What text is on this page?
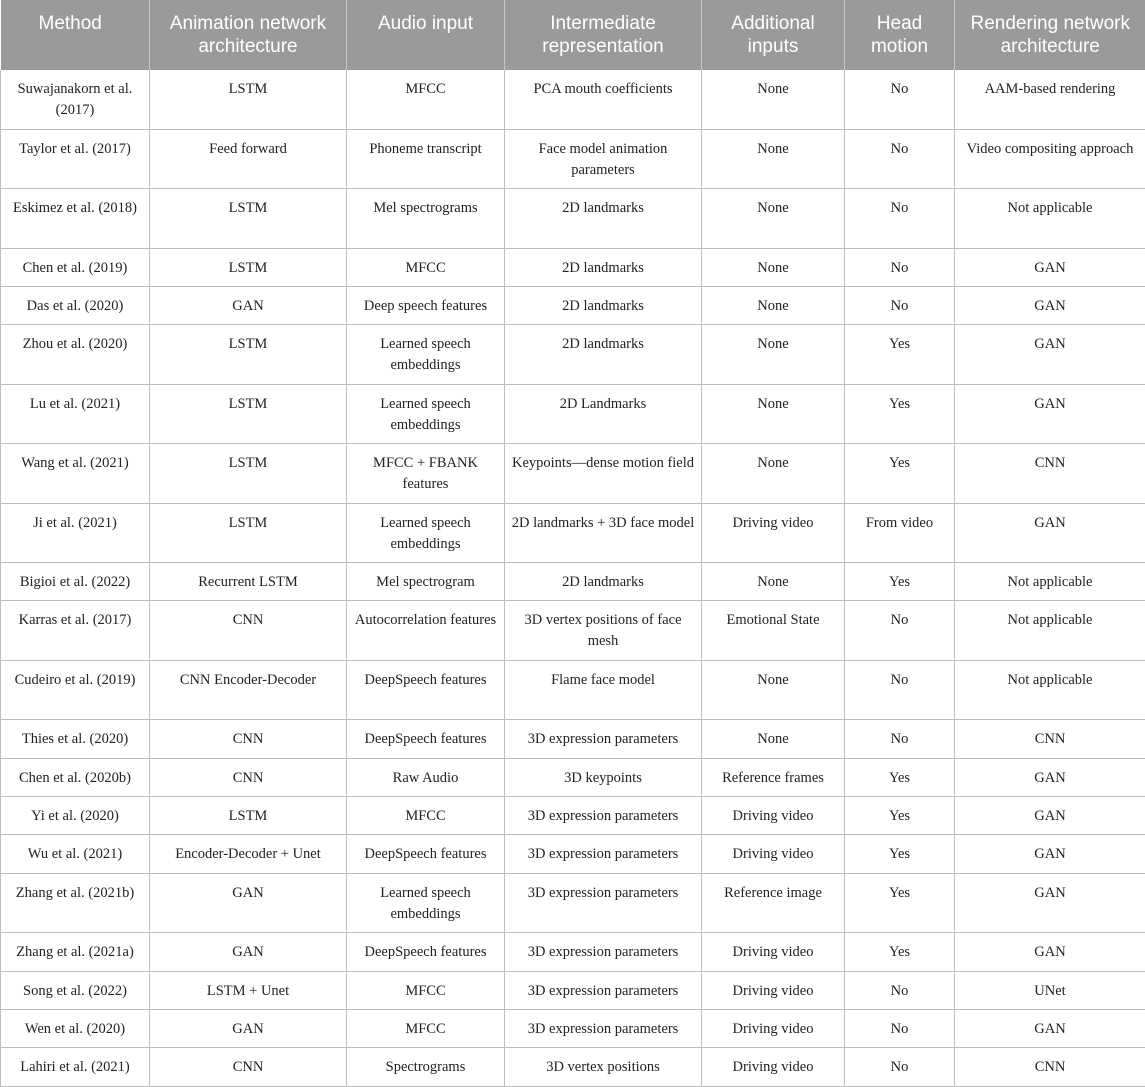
Method	Animation network architecture	Audio input	Intermediate representation	Additional inputs	Head motion	Rendering network architecture
Suwajanakorn et al. (2017)	LSTM	MFCC	PCA mouth coefficients	None	No	AAM-based rendering
Taylor et al. (2017)	Feed forward	Phoneme transcript	Face model animation parameters	None	No	Video compositing approach
Eskimez et al. (2018)	LSTM	Mel spectrograms	2D landmarks	None	No	Not applicable
Chen et al. (2019)	LSTM	MFCC	2D landmarks	None	No	GAN
Das et al. (2020)	GAN	Deep speech features	2D landmarks	None	No	GAN
Zhou et al. (2020)	LSTM	Learned speech embeddings	2D landmarks	None	Yes	GAN
Lu et al. (2021)	LSTM	Learned speech embeddings	2D Landmarks	None	Yes	GAN
Wang et al. (2021)	LSTM	MFCC + FBANK features	Keypoints—dense motion field	None	Yes	CNN
Ji et al. (2021)	LSTM	Learned speech embeddings	2D landmarks + 3D face model	Driving video	From video	GAN
Bigioi et al. (2022)	Recurrent LSTM	Mel spectrogram	2D landmarks	None	Yes	Not applicable
Karras et al. (2017)	CNN	Autocorrelation features	3D vertex positions of face mesh	Emotional State	No	Not applicable
Cudeiro et al. (2019)	CNN Encoder-Decoder	DeepSpeech features	Flame face model	None	No	Not applicable
Thies et al. (2020)	CNN	DeepSpeech features	3D expression parameters	None	No	CNN
Chen et al. (2020b)	CNN	Raw Audio	3D keypoints	Reference frames	Yes	GAN
Yi et al. (2020)	LSTM	MFCC	3D expression parameters	Driving video	Yes	GAN
Wu et al. (2021)	Encoder-Decoder + Unet	DeepSpeech features	3D expression parameters	Driving video	Yes	GAN
Zhang et al. (2021b)	GAN	Learned speech embeddings	3D expression parameters	Reference image	Yes	GAN
Zhang et al. (2021a)	GAN	DeepSpeech features	3D expression parameters	Driving video	Yes	GAN
Song et al. (2022)	LSTM + Unet	MFCC	3D expression parameters	Driving video	No	UNet
Wen et al. (2020)	GAN	MFCC	3D expression parameters	Driving video	No	GAN
Lahiri et al. (2021)	CNN	Spectrograms	3D vertex positions	Driving video	No	CNN
